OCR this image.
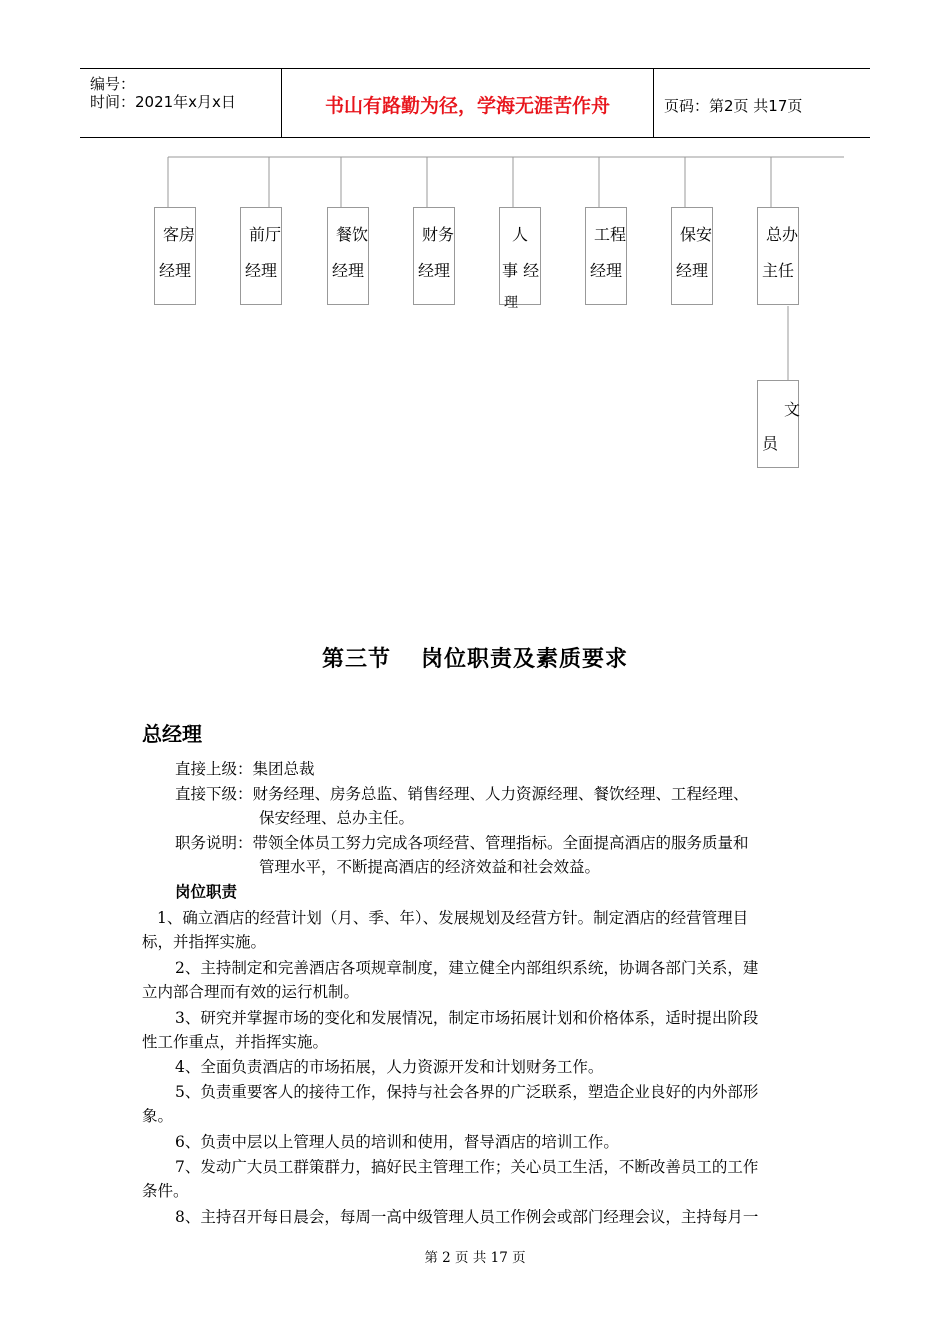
编号：
时间：2021年x月x日	书山有路勤为径，学海无涯苦作舟	页码：第2页 共17页
客房
经理
前厅
经理
餐饮
经理
财务
经理
人
事 经
理
工程
经理
保安
经理
总办
主任
文
员
第三节 岗位职责及素质要求
总经理
直接上级：集团总裁
直接下级：财务经理、房务总监、销售经理、人力资源经理、餐饮经理、工程经理、
保安经理、总办主任。
职务说明：带领全体员工努力完成各项经营、管理指标。全面提高酒店的服务质量和
管理水平，不断提高酒店的经济效益和社会效益。
岗位职责
1、确立酒店的经营计划（月、季、年）、发展规划及经营方针。制定酒店的经营管理目
标，并指挥实施。
2、主持制定和完善酒店各项规章制度，建立健全内部组织系统，协调各部门关系，建
立内部合理而有效的运行机制。
3、研究并掌握市场的变化和发展情况，制定市场拓展计划和价格体系，适时提出阶段
性工作重点，并指挥实施。
4、全面负责酒店的市场拓展，人力资源开发和计划财务工作。
5、负责重要客人的接待工作，保持与社会各界的广泛联系，塑造企业良好的内外部形
象。
6、负责中层以上管理人员的培训和使用，督导酒店的培训工作。
7、发动广大员工群策群力，搞好民主管理工作；关心员工生活，不断改善员工的工作
条件。
8、主持召开每日晨会，每周一高中级管理人员工作例会或部门经理会议，主持每月一
第 2 页 共 17 页
